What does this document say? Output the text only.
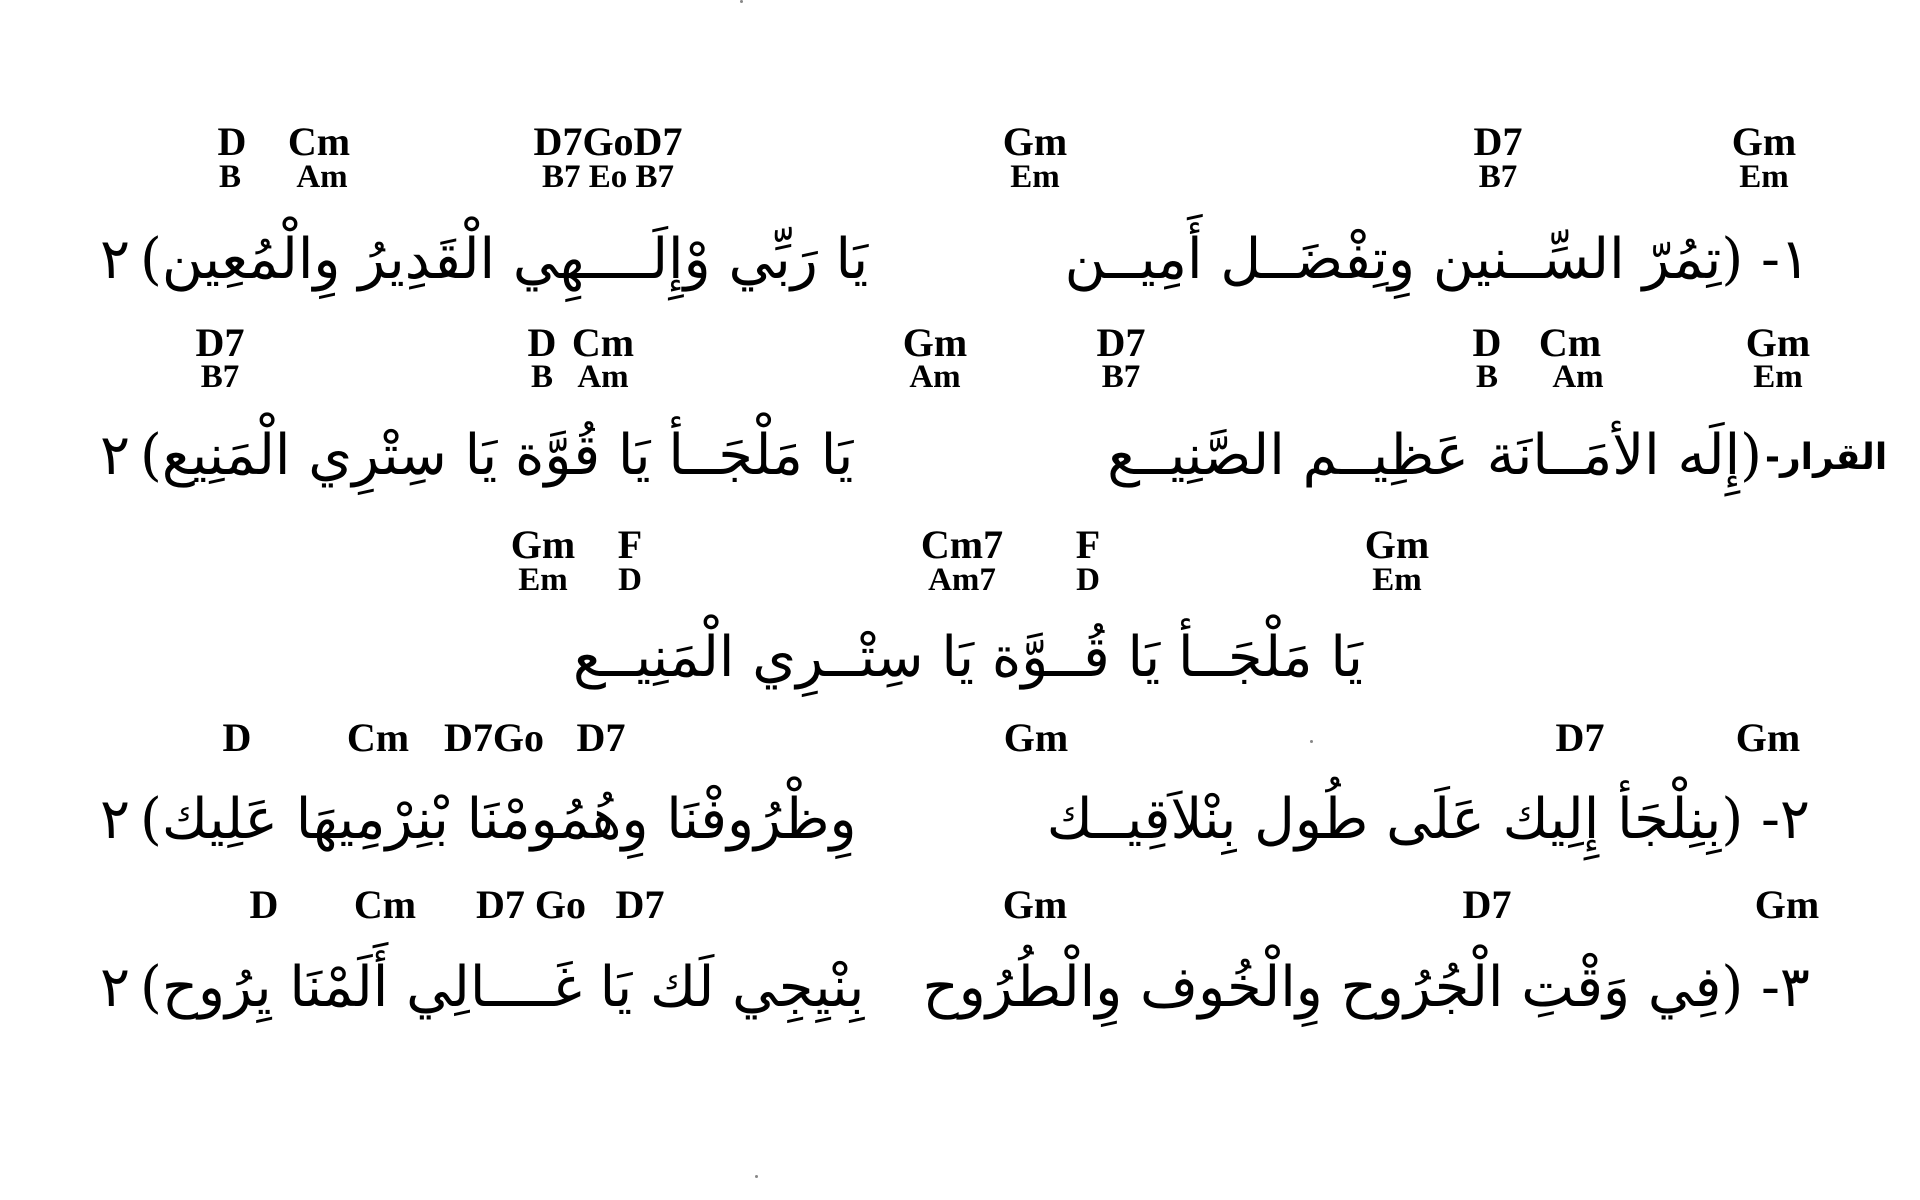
D Cm	D7GoD7	Gm	D7	Gm
B Am	B7 Eo B7	Em	B7	Em
١- (تِمُرّ السِّــنين وِتِفْضَــل أَمِيــن
يَا رَبِّي وْإِلَــــهِي الْقَدِيرُ وِالْمُعِين)
٢
D7	D Cm	Gm	D7	D Cm	Gm
B7	B Am	Am	B7	B Am	Em
القرار-
(إِلَه الأمَــانَة عَظِيــم الصَّنِيــع
يَا مَلْجَــأ يَا قُوَّة يَا سِتْرِي الْمَنِيع)
٢
Gm F	Cm7 F	Gm
Em D	Am7 D	Em
يَا مَلْجَــأ يَا قُــوَّة يَا سِتْــرِي الْمَنِيــع
D Cm D7Go D7	Gm	D7	Gm
٢- (بِنِلْجَأ إِلِيك عَلَى طُول بِنْلاَقِيــك
وِظْرُوفْنَا وِهُمُومْنَا بْنِرْمِيهَا عَلِيك)
٢
D Cm D7 Go D7	Gm	D7	Gm
٣- (فِي وَقْتِ الْجُرُوح وِالْخُوف وِالْطُرُوح
بِنْيِجِي لَك يَا غَــــالِي أَلَمْنَا يِرُوح)
٢
